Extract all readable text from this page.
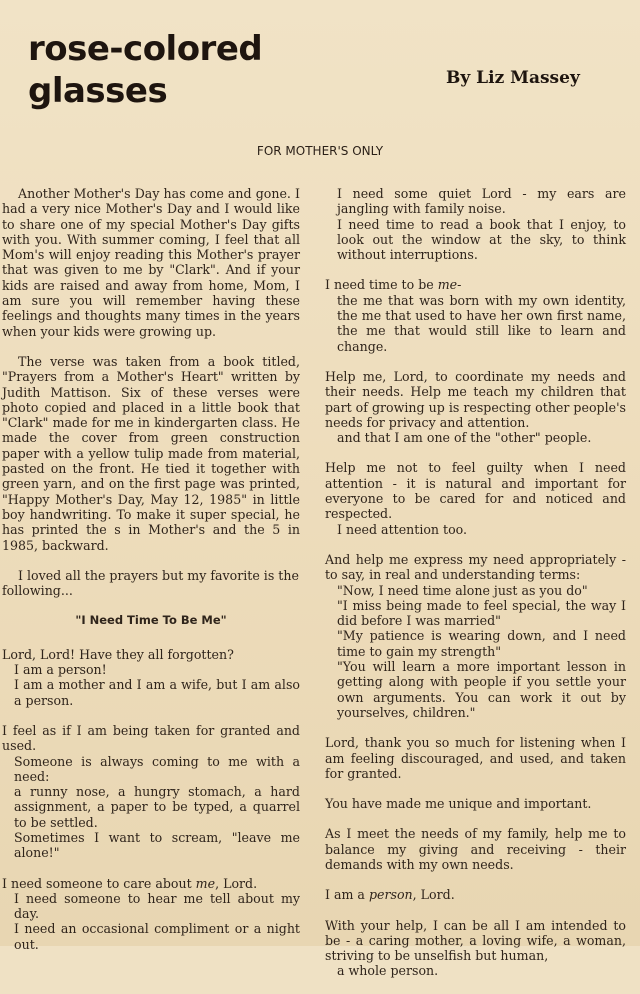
rose-colored
glasses	By Liz Massey
FOR MOTHER'S ONLY

Another Mother's Day has come and gone. I had a very nice Mother's Day and I would like to share one of my special Mother's Day gifts with you. With summer coming, I feel that all Mom's will enjoy reading this Mother's prayer that was given to me by "Clark". And if your kids are raised and away from home, Mom, I am sure you will remember having these feelings and thoughts many times in the years when your kids were growing up.

The verse was taken from a book titled, "Prayers from a Mother's Heart" written by Judith Mattison. Six of these verses were photo copied and placed in a little book that "Clark" made for me in kindergarten class. He made the cover from green construction paper with a yellow tulip made from material, pasted on the front. He tied it together with green yarn, and on the first page was printed, "Happy Mother's Day, May 12, 1985" in little boy handwriting. To make it super special, he has printed the s in Mother's and the 5 in 1985, backward.

I loved all the prayers but my favorite is the following...

"I Need Time To Be Me"
Lord, Lord! Have they all forgotten?
I am a person!
I am a mother and I am a wife, but I am also a person.
I feel as if I am being taken for granted and used.
Someone is always coming to me with a need:
a runny nose, a hungry stomach, a hard assignment, a paper to be typed, a quarrel to be settled.
Sometimes I want to scream, "leave me alone!"
I need someone to care about me, Lord.
I need someone to hear me tell about my day.
I need an occasional compliment or a night out.
I need some quiet Lord - my ears are jangling with family noise.
I need time to read a book that I enjoy, to look out the window at the sky, to think without interruptions.
I need time to be me-
the me that was born with my own identity, the me that used to have her own first name, the me that would still like to learn and change.
Help me, Lord, to coordinate my needs and their needs. Help me teach my children that part of growing up is respecting other people's needs for privacy and attention.
and that I am one of the "other" people.
Help me not to feel guilty when I need attention - it is natural and important for everyone to be cared for and noticed and respected.
I need attention too.
And help me express my need appropriately -to say, in real and understanding terms:
"Now, I need time alone just as you do"
"I miss being made to feel special, the way I did before I was married"
"My patience is wearing down, and I need time to gain my strength"
"You will learn a more important lesson in getting along with people if you settle your own arguments. You can work it out by yourselves, children."

Lord, thank you so much for listening when I am feeling discouraged, and used, and taken for granted.

You have made me unique and important.

As I meet the needs of my family, help me to balance my giving and receiving - their demands with my own needs.

I am a person, Lord.

With your help, I can be all I am intended to be - a caring mother, a loving wife, a woman, striving to be unselfish but human,
a whole person.
